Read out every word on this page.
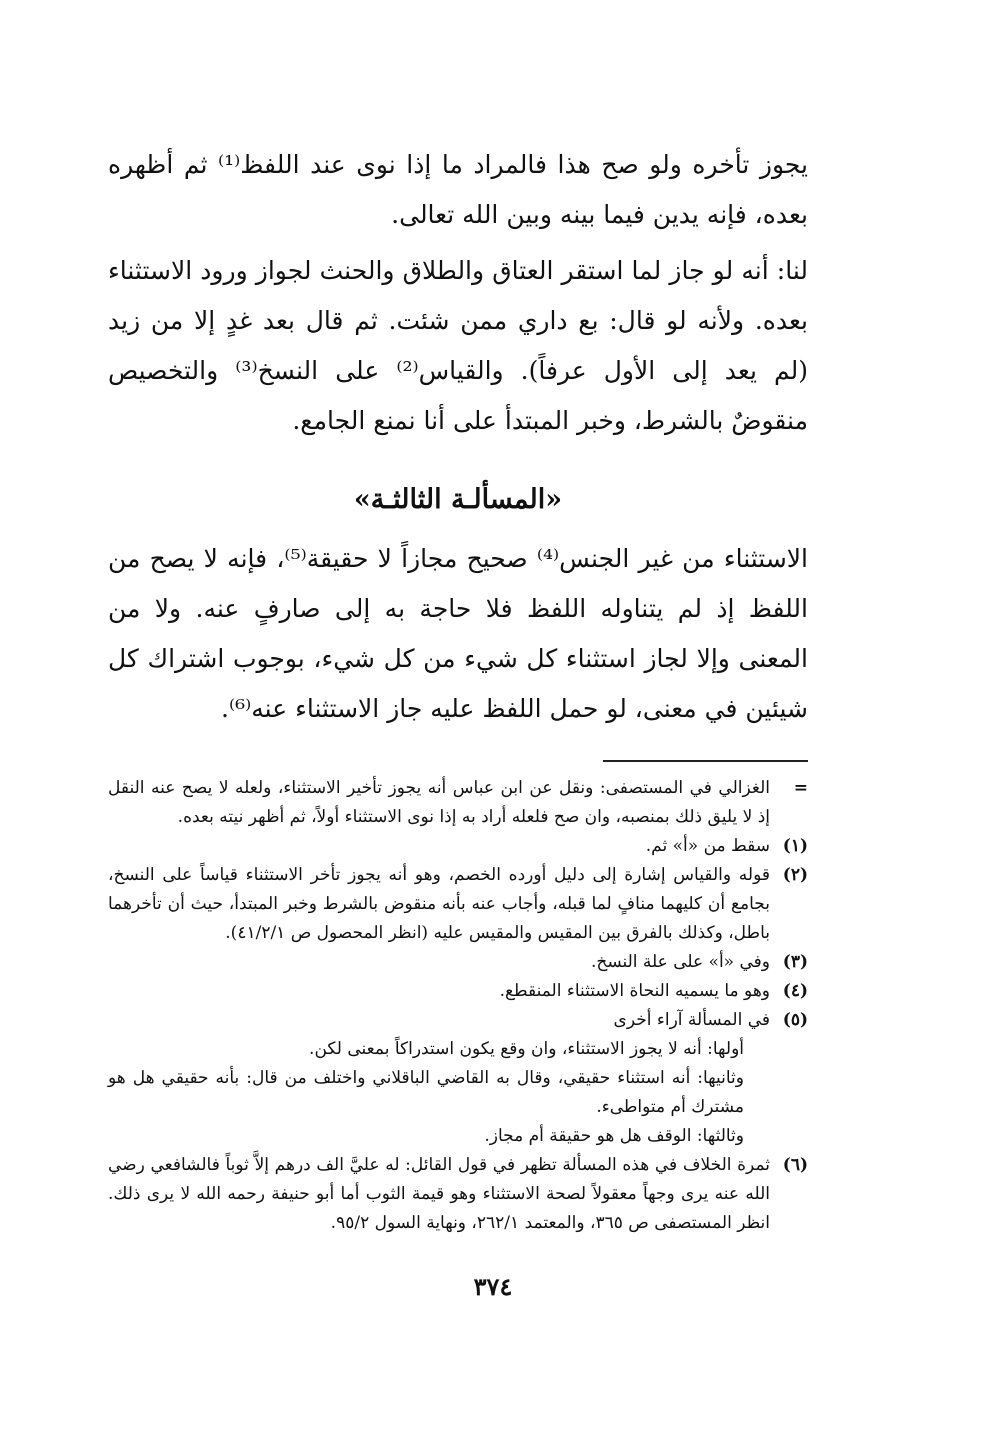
يجوز تأخره ولو صح هذا فالمراد ما إذا نوى عند اللفظ⁽¹⁾ ثم أظهره بعده، فإنه يدين فيما بينه وبين الله تعالى.

لنا: أنه لو جاز لما استقر العتاق والطلاق والحنث لجواز ورود الاستثناء بعده. ولأنه لو قال: بع داري ممن شئت. ثم قال بعد غدٍ إلا من زيد (لم يعد إلى الأول عرفاً). والقياس⁽²⁾ على النسخ⁽³⁾ والتخصيص منقوضٌ بالشرط، وخبر المبتدأ على أنا نمنع الجامع.

«المسألـة الثالثـة»

الاستثناء من غير الجنس⁽⁴⁾ صحيح مجازاً لا حقيقة⁽⁵⁾، فإنه لا يصح من اللفظ إذ لم يتناوله اللفظ فلا حاجة به إلى صارفٍ عنه. ولا من المعنى وإلا لجاز استثناء كل شيء من كل شيء، بوجوب اشتراك كل شيئين في معنى، لو حمل اللفظ عليه جاز الاستثناء عنه⁽⁶⁾.

=
الغزالي في المستصفى: ونقل عن ابن عباس أنه يجوز تأخير الاستثناء، ولعله لا يصح عنه النقل إذ لا يليق ذلك بمنصبه، وان صح فلعله أراد به إذا نوى الاستثناء أولاً، ثم أظهر نيته بعده.
(١)
سقط من «أ» ثم.
(٢)
قوله والقياس إشارة إلى دليل أورده الخصم، وهو أنه يجوز تأخر الاستثناء قياساً على النسخ، بجامع أن كليهما منافٍ لما قبله، وأجاب عنه بأنه منقوض بالشرط وخبر المبتدأ، حيث أن تأخرهما باطل، وكذلك بالفرق بين المقيس والمقيس عليه (انظر المحصول ص ٤١/٢/١).
(٣)
وفي «أ» على علة النسخ.
(٤)
وهو ما يسميه النحاة الاستثناء المنقطع.
(٥)
في المسألة آراء أخرى
أولها: أنه لا يجوز الاستثناء، وان وقع يكون استدراكاً بمعنى لكن.
وثانيها: أنه استثناء حقيقي، وقال به القاضي الباقلاني واختلف من قال: بأنه حقيقي هل هو مشترك أم متواطىء.
وثالثها: الوقف هل هو حقيقة أم مجاز.
(٦)
ثمرة الخلاف في هذه المسألة تظهر في قول القائل: له عليَّ الف درهم إلاَّ ثوباً فالشافعي رضي الله عنه يرى وجهاً معقولاً لصحة الاستثناء وهو قيمة الثوب أما أبو حنيفة رحمه الله لا يرى ذلك. انظر المستصفى ص ٣٦٥، والمعتمد ٢٦٢/١، ونهاية السول ٩٥/٢.
٣٧٤
